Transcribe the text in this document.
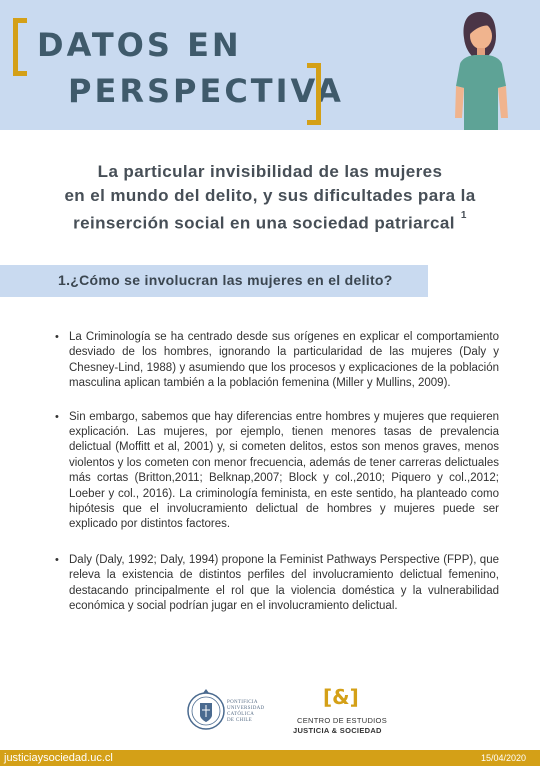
DATOS EN
PERSPECTIVA
La particular invisibilidad de las mujeres
en el mundo del delito, y sus dificultades para la
reinserción social en una sociedad patriarcal $^1$
1.¿Cómo se involucran las mujeres en el delito?
• La Criminología se ha centrado desde sus orígenes en explicar el comportamiento desviado de los hombres, ignorando la particularidad de las mujeres (Daly y Chesney-Lind, 1988) y asumiendo que los procesos y explicaciones de la población masculina aplican también a la población femenina (Miller y Mullins, 2009).
• Sin embargo, sabemos que hay diferencias entre hombres y mujeres que requieren explicación. Las mujeres, por ejemplo, tienen menores tasas de prevalencia delictual (Moffitt et al, 2001) y, si cometen delitos, estos son menos graves, menos violentos y los cometen con menor frecuencia, además de tener carreras delictuales más cortas (Britton,2011; Belknap,2007; Block y col.,2010; Piquero y col.,2012; Loeber y col., 2016). La criminología feminista, en este sentido, ha planteado como hipótesis que el involucramiento delictual de hombres y mujeres puede ser explicado por distintos factores.
• Daly (Daly, 1992; Daly, 1994) propone la Feminist Pathways Perspective (FPP), que releva la existencia de distintos perfiles del involucramiento delictual femenino, destacando principalmente el rol que la violencia doméstica y la vulnerabilidad económica y social podrían jugar en el involucramiento delictual.
PONTIFICIA
UNIVERSIDAD
CATÓLICA
DE CHILE
[&]
CENTRO DE ESTUDIOS
JUSTICIA & SOCIEDAD
justiciaysociedad.uc.cl	15/04/2020
